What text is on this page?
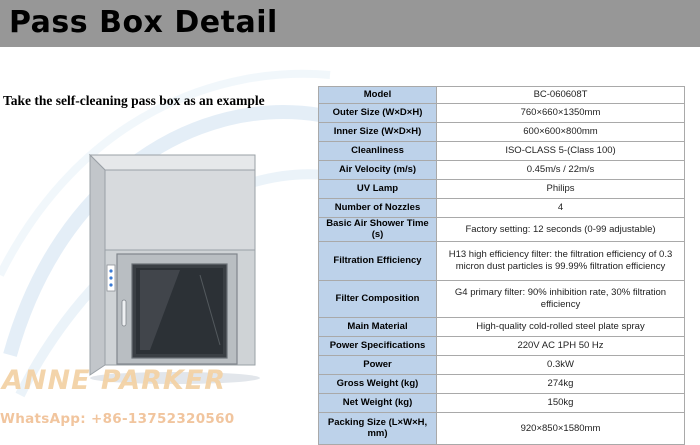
Pass Box Detail
Take the self-cleaning pass box as an example
ANNE PARKER
WhatsApp: +86-13752320560
Model	BC-060608T
Outer Size (W×D×H)	760×660×1350mm
Inner Size (W×D×H)	600×600×800mm
Cleanliness	ISO-CLASS 5-(Class 100)
Air Velocity (m/s)	0.45m/s / 22m/s
UV Lamp	Philips
Number of Nozzles	4
Basic Air Shower Time (s)	Factory setting: 12 seconds (0-99 adjustable)
Filtration Efficiency	H13 high efficiency filter: the filtration efficiency of 0.3 micron dust particles is 99.99% filtration efficiency
Filter Composition	G4 primary filter: 90% inhibition rate, 30% filtration efficiency
Main Material	High-quality cold-rolled steel plate spray
Power Specifications	220V AC 1PH 50 Hz
Power	0.3kW
Gross Weight (kg)	274kg
Net Weight (kg)	150kg
Packing Size (L×W×H, mm)	920×850×1580mm
